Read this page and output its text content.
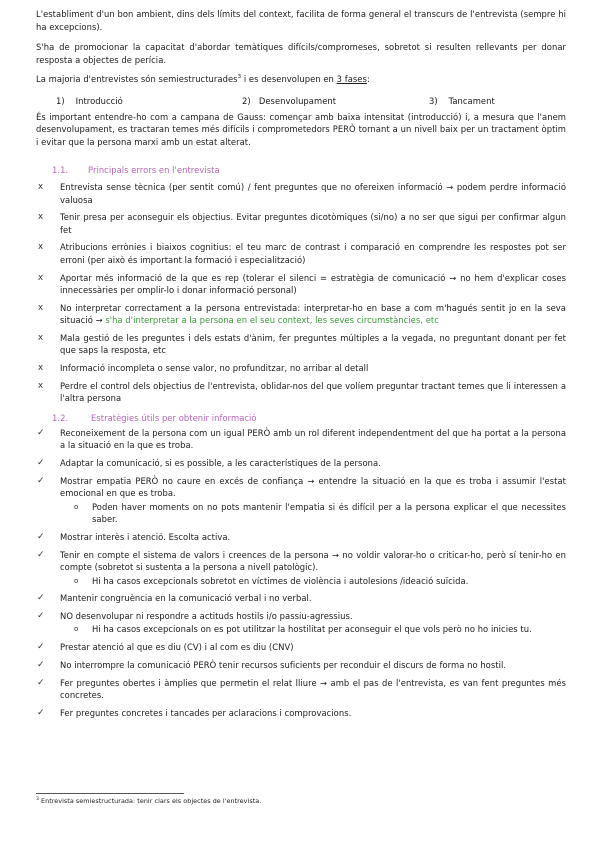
L'establiment d'un bon ambient, dins dels límits del context, facilita de forma general el transcurs de l'entrevista (sempre hi ha excepcions).

S'ha de promocionar la capacitat d'abordar temàtiques difícils/compromeses, sobretot si resulten rellevants per donar resposta a objectes de perícia.

La majoria d'entrevistes són semiestructurades$^3$ i es desenvolupen en 3 fases:

1) Introducció	2) Desenvolupament	3) Tancament

És important entendre-ho com a campana de Gauss: començar amb baixa intensitat (introducció) i, a mesura que l'anem desenvolupament, es tractaran temes més difícils i comprometedors PERÒ tornant a un nivell baix per un tractament òptim i evitar que la persona marxi amb un estat alterat.

1.1. Principals errors en l'entrevista
x Entrevista sense tècnica (per sentit comú) / fent preguntes que no ofereixen informació → podem perdre informació valuosa
x Tenir presa per aconseguir els objectius. Evitar preguntes dicotòmiques (si/no) a no ser que sigui per confirmar algun fet
x Atribucions errònies i biaixos cognitius: el teu marc de contrast i comparació en comprendre les respostes pot ser erroni (per això és important la formació i especialització)
x Aportar més informació de la que es rep (tolerar el silenci = estratègia de comunicació → no hem d'explicar coses innecessàries per omplir-lo i donar informació personal)
x No interpretar correctament a la persona entrevistada: interpretar-ho en base a com m'hagués sentit jo en la seva situació → s'ha d'interpretar a la persona en el seu context, les seves circumstàncies, etc
x Mala gestió de les preguntes i dels estats d'ànim, fer preguntes múltiples a la vegada, no preguntant donant per fet que saps la resposta, etc
x Informació incompleta o sense valor, no profunditzar, no arribar al detall
x Perdre el control dels objectius de l'entrevista, oblidar-nos del que volíem preguntar tractant temes que li interessen a l'altra persona
1.2.	Estratègies útils per obtenir informació
✓ Reconeixement de la persona com un igual PERÒ amb un rol diferent independentment del que ha portat a la persona a la situació en la que es troba.
✓ Adaptar la comunicació, si es possible, a les característiques de la persona.
✓ Mostrar empatia PERÒ no caure en excés de confiança → entendre la situació en la que es troba i assumir l'estat emocional en que es troba.
o Poden haver moments on no pots mantenir l'empatia si és difícil per a la persona explicar el que necessites saber.
✓ Mostrar interès i atenció. Escolta activa.
✓ Tenir en compte el sistema de valors i creences de la persona → no voldir valorar-ho o criticar-ho, però sí tenir-ho en compte (sobretot si sustenta a la persona a nivell patològic).
o Hi ha casos excepcionals sobretot en víctimes de violència i autolesions /ideació suïcida.
✓ Mantenir congruència en la comunicació verbal i no verbal.
✓ NO desenvolupar ni respondre a actituds hostils i/o passiu-agressius.
o Hi ha casos excepcionals on es pot utilitzar la hostilitat per aconseguir el que vols però no ho inicies tu.
✓ Prestar atenció al que es diu (CV) i al com es diu (CNV)
✓ No interrompre la comunicació PERÒ tenir recursos suficients per reconduir el discurs de forma no hostil.
✓ Fer preguntes obertes i àmplies que permetin el relat lliure → amb el pas de l'entrevista, es van fent preguntes més concretes.
✓ Fer preguntes concretes i tancades per aclaracions i comprovacions.
$^3$ Entrevista semiestructurada: tenir clars els objectes de l'entrevista.
